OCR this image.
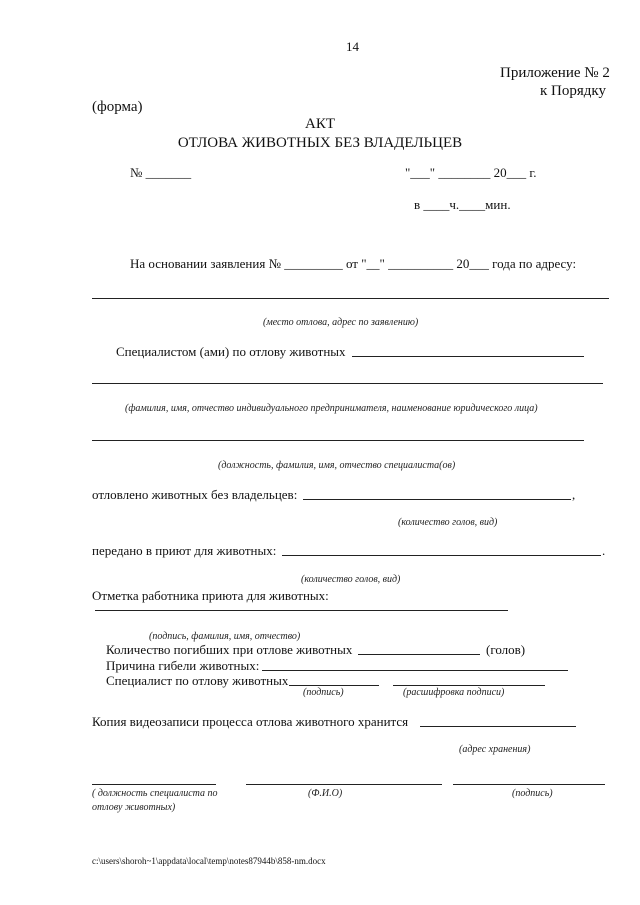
14
Приложение № 2
к Порядку
(форма)
АКТ
ОТЛОВА ЖИВОТНЫХ БЕЗ ВЛАДЕЛЬЦЕВ
№ _______	"___" ________ 20___ г.
в ____ч.____мин.
На основании заявления № _________ от "__" __________ 20___ года по адресу:
(место отлова, адрес по заявлению)
Специалистом (ами) по отлову животных
(фамилия, имя, отчество индивидуального предпринимателя, наименование юридического лица)
(должность, фамилия, имя, отчество специалиста(ов)
отловлено животных без владельцев:	,
(количество голов, вид)
передано в приют для животных:	.
(количество голов, вид)
Отметка работника приюта для животных:
(подпись, фамилия, имя, отчество)
Количество погибших при отлове животных	(голов)
Причина гибели животных:
Специалист по отлову животных
(подпись)	(расшифровка подписи)
Копия видеозаписи процесса отлова животного хранится
(адрес хранения)
( должность специалиста по
отлову животных)
(Ф.И.О)	(подпись)
c:\users\shoroh~1\appdata\local\temp\notes87944b\858-nm.docx
